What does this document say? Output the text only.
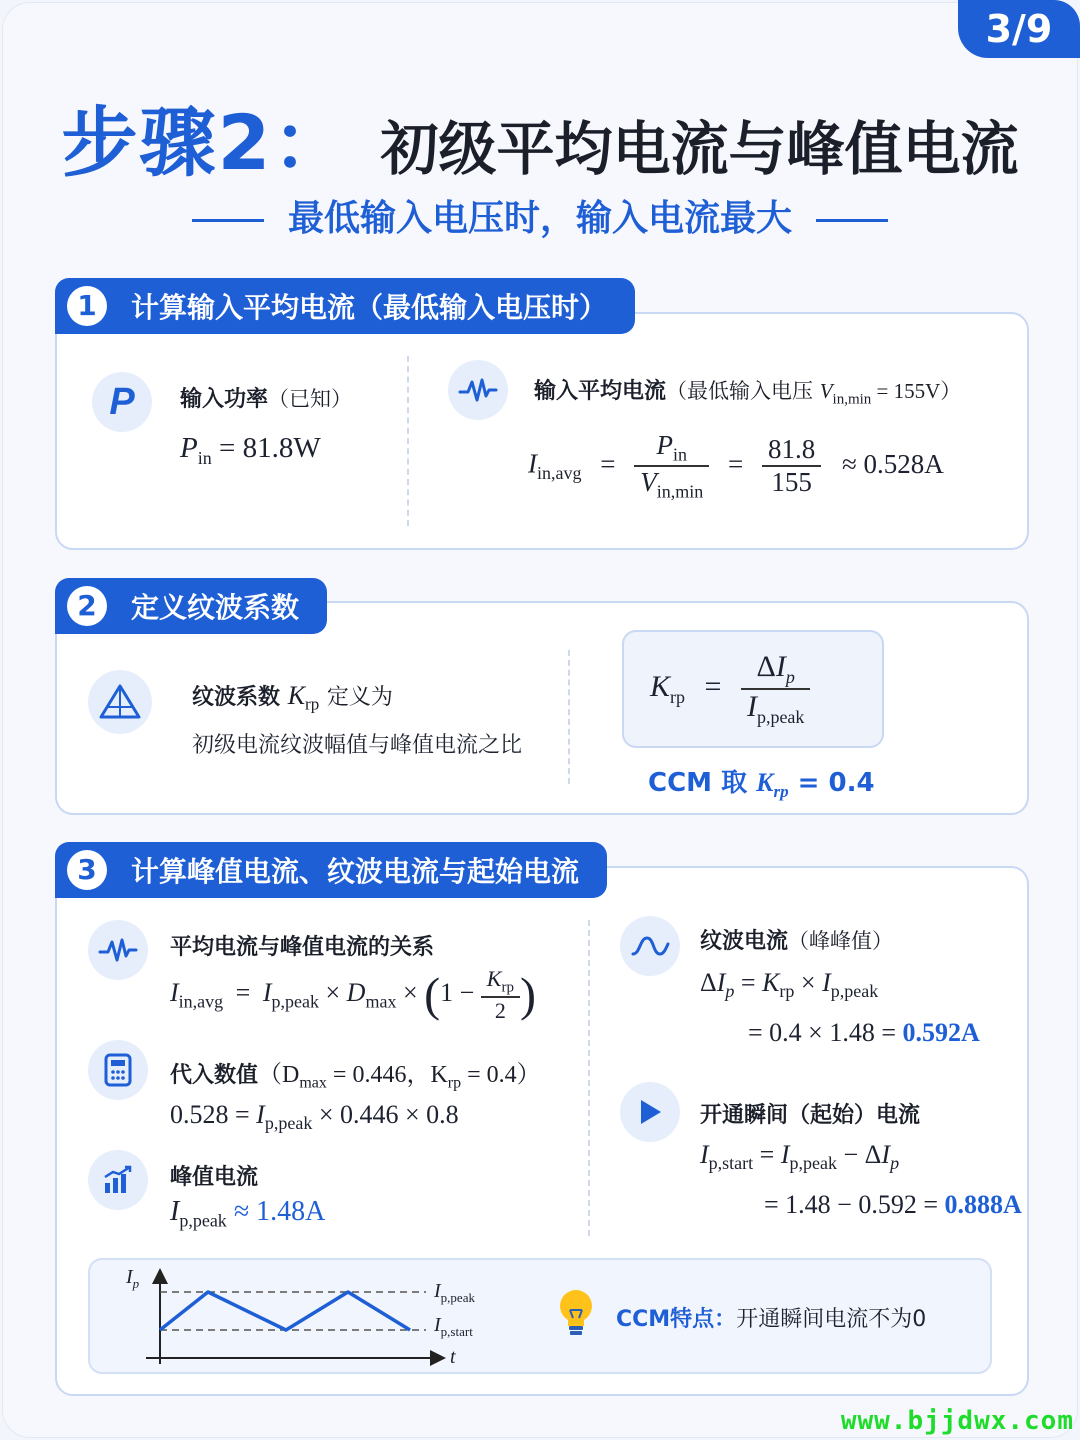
3/9
步骤2： 初级平均电流与峰值电流
最低输入电压时，输入电流最大
1	计算输入平均电流（最低输入电压时）
P 输入功率（已知）
$P_{in} = 81.8W$
输入平均电流（最低输入电压 $V_{in,min} = 155V$）
$I_{in,avg} = \frac{P_{in}}{V_{in,min}} = \frac{81.8}{155} \approx 0.528A$
2	定义纹波系数
纹波系数 $K_{rp}$ 定义为
初级电流纹波幅值与峰值电流之比
$K_{rp} = \frac{\Delta I_p}{I_{p,peak}}$
CCM 取 $K_{rp} = 0.4$
3	计算峰值电流、纹波电流与起始电流
平均电流与峰值电流的关系
$I_{in,avg} = I_{p,peak} \times D_{max} \times (1 - \frac{K_{rp}}{2}$ )
代入数值（$D_{max} = 0.446$，$K_{rp} = 0.4$）
$0.528 = I_{p,peak} \times 0.446 \times 0.8$
峰值电流
$I_{p,peak} \approx 1.48A$
纹波电流（峰峰值）
$\Delta I_p = K_{rp} \times I_{p,peak}$
= 0.4 × 1.48 = 0.592A
开通瞬间（起始）电流
$I_{p,start} = I_{p,peak} - \Delta I_p$
= 1.48 − 0.592 = 0.888A
$I_p$
t
$I_{p,peak}$
$I_{p,start}$	CCM特点：开通瞬间电流不为0
www.bjjdwx.com
